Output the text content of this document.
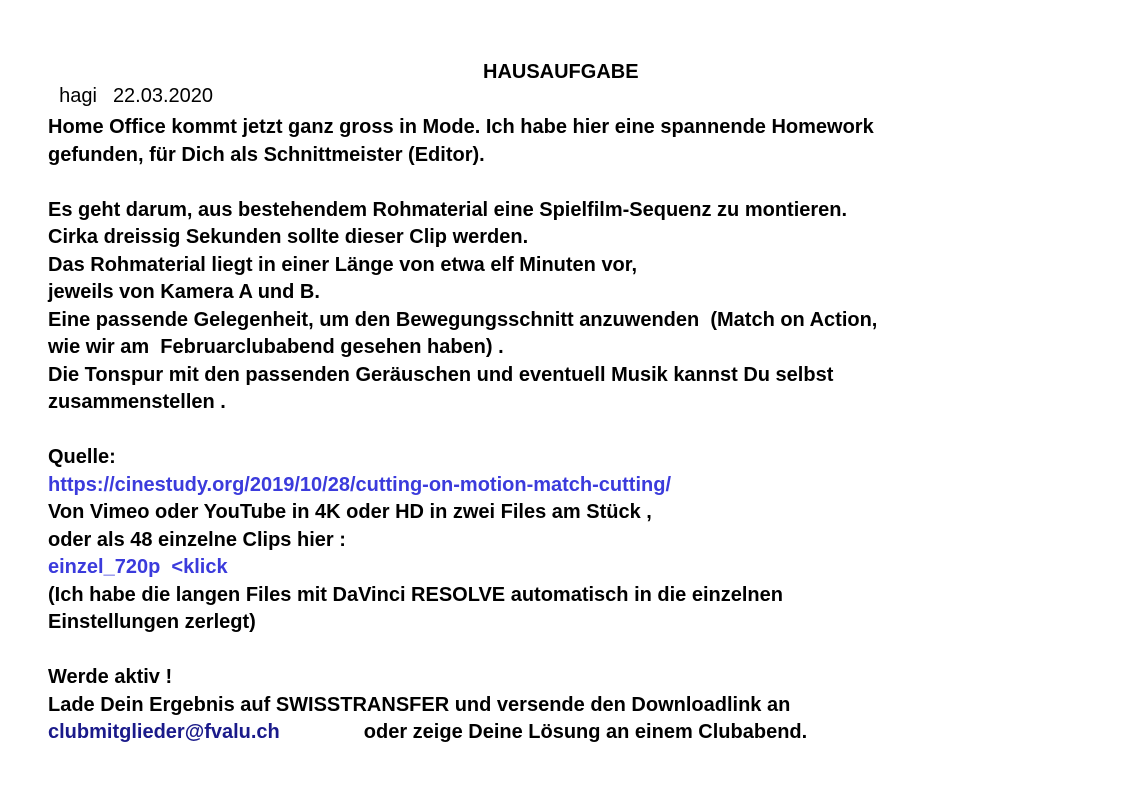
hagi 22.03.2020

HAUSAUFGABE

Home Office kommt jetzt ganz gross in Mode. Ich habe hier eine spannende Homework
gefunden, für Dich als Schnittmeister (Editor).
Es geht darum, aus bestehendem Rohmaterial eine Spielfilm-Sequenz zu montieren.
Cirka dreissig Sekunden sollte dieser Clip werden.
Das Rohmaterial liegt in einer Länge von etwa elf Minuten vor,
jeweils von Kamera A und B.
Eine passende Gelegenheit, um den Bewegungsschnitt anzuwenden  (Match on Action,
wie wir am  Februarclubabend gesehen haben) .
Die Tonspur mit den passenden Geräuschen und eventuell Musik kannst Du selbst
zusammenstellen .
Quelle:
https://cinestudy.org/2019/10/28/cutting-on-motion-match-cutting/
Von Vimeo oder YouTube in 4K oder HD in zwei Files am Stück ,
oder als 48 einzelne Clips hier :
einzel_720p  <klick
(Ich habe die langen Files mit DaVinci RESOLVE automatisch in die einzelnen
Einstellungen zerlegt)
Werde aktiv !
Lade Dein Ergebnis auf SWISSTRANSFER und versende den Downloadlink an
clubmitglieder@fvalu.ch	oder zeige Deine Lösung an einem Clubabend.
